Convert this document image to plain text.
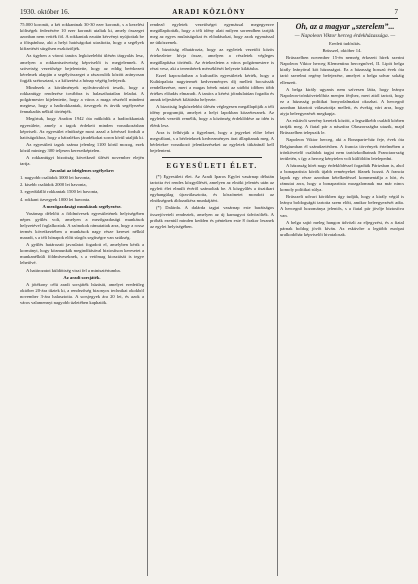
1930. október 16.	ARADI KÖZLÖNY	7

75.000 koronát, a két rokkantnak 30-30 ezer koronát, s a kezelési költségek fedezésére 10 ezer koronát utaltak ki, amely összeget azonban nem vették föl. A rokkantak ezután kérvényt nyújtottak be a főispánhoz, aki a helyi hatóságokat utasította, hogy a segélyek kifizetését sürgősen eszközöljék.

Az ügyben a városi tanács legközelebbi ülésén tárgyalás lesz, amelyen a rokkantszövetség képviselői is megjelennek. A szövetség vezetősége bejelentette, hogy az eddig beérkezett kérelmek alapján a segélyösszeget a rászorulók között arányosan fogják szétosztani, s a kifizetést a hónap végéig befejezik.

Mindezek a körülmények nyilvánvalóvá teszik, hogy a rokkantügy rendezése továbbra is halaszthatatlan feladat. A polgármester kijelentette, hogy a város a maga részéről mindent megtesz, hogy a hadirokkantak, özvegyek és árvák segélyezése fennakadás nélkül történjék.

Megírtuk, hogy Aradon 1942 óta működik a hadirokkantak egyesülete, amely a tagok érdekeit minden vonatkozásban képviseli. Az egyesület elnöksége most azzal a kéréssel fordult a hatóságokhoz, hogy a hátralékos járadékokat soron kívül utalják ki.

Az egyesületi tagok száma jelenleg 1100 körül mozog, ezek közül mintegy 300 teljesen keresetképtelen.

A rokkantügyi bizottság következő ülését november elején tartja.

Javaslat az ideiglenes segélyekre:

1. nagyobb családok 3000 lei havonta,

2. kisebb családok 2000 lei havonta,

3. egyedülálló rokkantak 1500 lei havonta,

4. rokkant özvegyek 1000 lei havonta.

A mezőgazdasági munkások segélyezése.

Vasárnap délelőtt a földmívesek egyesületének helyiségében népes gyűlés volt, amelyen a mezőgazdasági munkások helyzetével foglalkoztak. A szónokok rámutattak arra, hogy a rossz termés következtében a munkások nagy része kereset nélkül maradt, s a téli hónapok előtt sürgős segítségre van szükség.

A gyűlés határozati javaslatot fogadott el, amelyben kérik a kormányt, hogy közmunkák megindításával biztosítson keresetet a munkanélküli földmíveseknek, s a vetőmag kiosztását is tegye lehetővé.

A határozatot küldöttség viszi fel a minisztériumba.

Az aradi sorsjáték.

A jótékony célú aradi sorsjáték húzását, amelyet eredetileg október 20-ára tűztek ki, a rendezőség bizonyos technikai okokból november 3-ára halasztotta. A sorsjegyek ára 20 lei, és azok a város valamennyi nagyobb üzletében kaphatók.

rendező egyletek vezetőségei egymással megegyezve megállapították, hogy a téli idény alatt milyen sorrendben tartják meg az egyes mulatságokat és előadásokat, hogy azok egymással ne ütközzenek.

A bizottság elhatározta, hogy az egyletek vezetőit közös értekezletre hívja össze, amelyen a részletek végleges megállapítása történik. Az értekezleten a város polgármestere is részt vesz, aki a terembérek mérséklését helyezte kilátásba.

Ezzel kapcsolatban a kulturális egyesületek kérték, hogy a Kultúrpalota nagytermét kedvezményes díj mellett bocsássák rendelkezésre, mert a magas bérek miatt az utóbbi időben több értékes előadás elmaradt. A tanács a kérést jóindulatúan fogadta és annak teljesítését kilátásba helyezte.

A bizottság legközelebbi ülésén véglegesen megállapítják a téli idény programját, amelyet a helyi lapokban közzétesznek. Az egyletek vezetői remélik, hogy a közönség érdeklődése az idén is élénk lesz.

Arra is felhívják a figyelmet, hogy a jegyeket előre lehet megváltani, s a bérleteknek kedvezményes árat állapítanak meg. A bérletekre vonatkozó jelentkezéseket az egyletek titkáránál kell bejelenteni.

EGYESÜLETI ÉLET.

(*) Egyesületi élet. Az Aradi Iparos Egylet vasárnap délután tartotta évi rendes közgyűlését, amelyen az elnöki jelentés után az egyleti élet elmúlt évéről számoltak be. A közgyűlés a tisztikart egyhangúlag újraválasztotta, és köszönetet mondott az elnökségnek áldozatkész munkájáért.

(*) Dalárda. A dalárda tagjai vasárnap este barátságos összejövetelt rendeztek, amelyen az új karnagyot üdvözölték. A próbák ezentúl minden kedden és pénteken este 8 órakor lesznek az egylet helyiségében.

Oh, az a magyar „szerelem”...

— Napoleon Viktor herceg érdekházassága. —

Eredeti tudósítás.

Brüsszel, október 14.

Brüsszelben november 15-én nemrég érkezett hírek szerint Napoleon Viktor herceg Klementina hercegnővel, II. Lipót belga király leányával köt házasságot. Ez a házasság hosszú évek óta tartó szerelmi regény befejezése, amelyet a belga udvar sokáig ellenzett.

A belga király ugyanis nem szívesen látta, hogy leánya Napoleon-trónkövetelőhöz menjen férjhez, mert attól tartott, hogy ez a házasság politikai bonyodalmakat okozhat. A hercegnő azonban kitartott választottja mellett, és évekig várt arra, hogy atyja beleegyezését megkapja.

Az esküvőt szerény keretek között, a legszűkebb családi körben tartják meg. A fiatal pár a nászútra Olaszországba utazik, majd Brüsszelben telepszik le.

Napoleon Viktor herceg, aki a Bonaparte-ház feje, évek óta Belgiumban él száműzetésben. A francia törvények értelmében a trónkövetelő családok tagjai nem tartózkodhatnak Franciaország területén, s így a herceg kénytelen volt külföldön letelepedni.

A házasság hírét nagy érdeklődéssel fogadták Párizsban is, ahol a bonapartista körök újabb reményeket fűznek hozzá. A francia lapok egy része azonban kételkedéssel kommentálja a hírt, és rámutat arra, hogy a bonapartista mozgalomnak ma már nincs komoly politikai súlya.

Brüsszeli udvari körökben úgy tudják, hogy a király végül is leánya boldogságát tartotta szem előtt, amikor beleegyezését adta. A hercegnő hozománya jelentős, s a fiatal pár jövője biztosítva van.

A belga sajtó meleg hangon üdvözli az eljegyzést, és a fiatal párnak boldog jövőt kíván. Az esküvőre a legtöbb európai uralkodóház képviselői hivatalosak.
